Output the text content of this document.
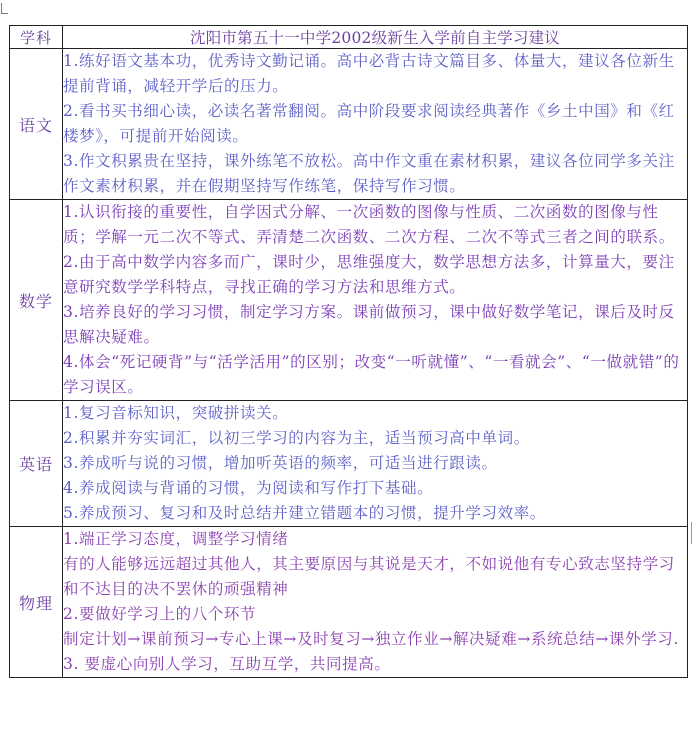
学科	沈阳市第五十一中学2002级新生入学前自主学习建议
语文	1.练好语文基本功，优秀诗文勤记诵。高中必背古诗文篇目多、体量大，建议各位新生提前背诵，减轻开学后的压力。

2.看书买书细心读，必读名著常翻阅。高中阶段要求阅读经典著作《乡土中国》和《红楼梦》，可提前开始阅读。

3.作文积累贵在坚持，课外练笔不放松。高中作文重在素材积累，建议各位同学多关注作文素材积累，并在假期坚持写作练笔，保持写作习惯。

数学	1.认识衔接的重要性，自学因式分解、一次函数的图像与性质、二次函数的图像与性质；学解一元二次不等式、弄清楚二次函数、二次方程、二次不等式三者之间的联系。

2.由于高中数学内容多而广，课时少，思维强度大，数学思想方法多，计算量大，要注意研究数学学科特点，寻找正确的学习方法和思维方式。

3.培养良好的学习习惯，制定学习方案。课前做预习，课中做好数学笔记，课后及时反思解决疑难。

4.体会“死记硬背”与“活学活用”的区别；改变“一听就懂”、“一看就会”、“一做就错”的学习误区。

英语	1.复习音标知识，突破拼读关。

2.积累并夯实词汇，以初三学习的内容为主，适当预习高中单词。

3.养成听与说的习惯，增加听英语的频率，可适当进行跟读。

4.养成阅读与背诵的习惯，为阅读和写作打下基础。

5.养成预习、复习和及时总结并建立错题本的习惯，提升学习效率。

物理	1.端正学习态度，调整学习情绪

有的人能够远远超过其他人，其主要原因与其说是天才，不如说他有专心致志坚持学习和不达目的决不罢休的顽强精神

2.要做好学习上的八个环节

制定计划→课前预习→专心上课→及时复习→独立作业→解决疑难→系统总结→课外学习.

3. 要虚心向别人学习，互助互学，共同提高。
